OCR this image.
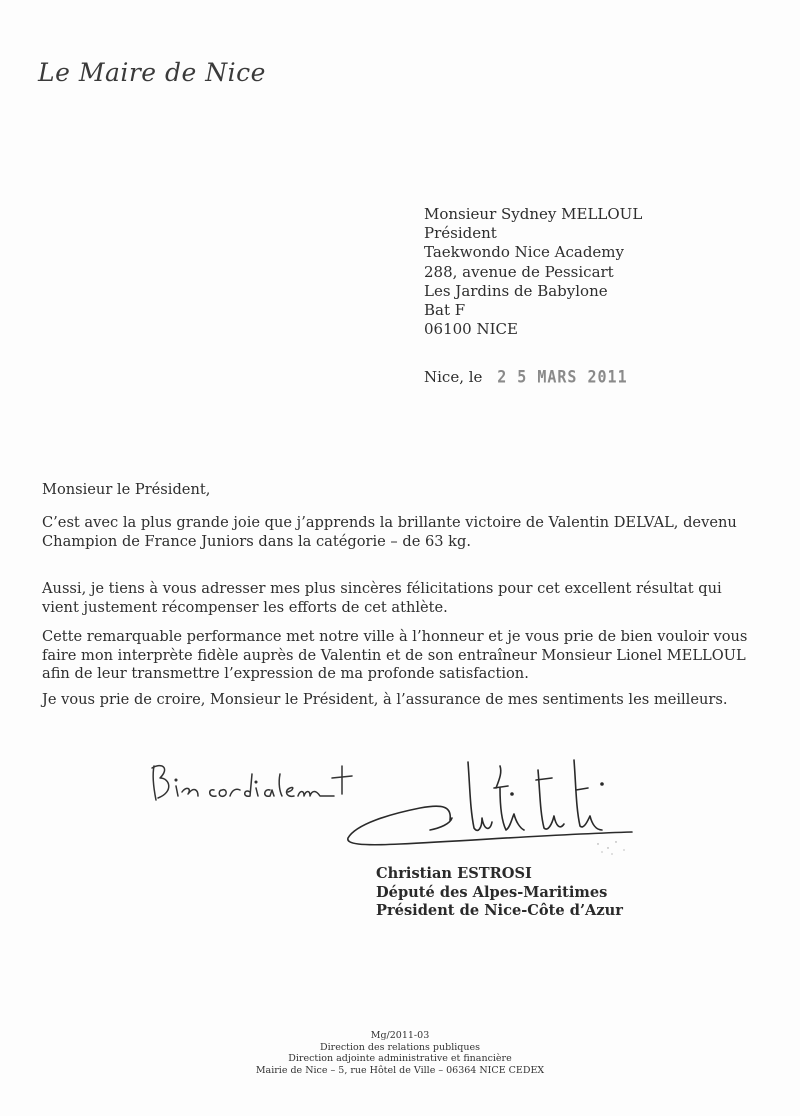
Le Maire de Nice
Monsieur Sydney MELLOUL
Président
Taekwondo Nice Academy
288, avenue de Pessicart
Les Jardins de Babylone
Bat F
06100 NICE
Nice, le 2 5 MARS 2011
Monsieur le Président,
C’est avec la plus grande joie que j’apprends la brillante victoire de Valentin DELVAL, devenu
Champion de France Juniors dans la catégorie – de 63 kg.
Aussi, je tiens à vous adresser mes plus sincères félicitations pour cet excellent résultat qui
vient justement récompenser les efforts de cet athlète.
Cette remarquable performance met notre ville à l’honneur et je vous prie de bien vouloir vous
faire mon interprète fidèle auprès de Valentin et de son entraîneur Monsieur Lionel MELLOUL
afin de leur transmettre l’expression de ma profonde satisfaction.
Je vous prie de croire, Monsieur le Président, à l’assurance de mes sentiments les meilleurs.
Christian ESTROSI
Député des Alpes-Maritimes
Président de Nice-Côte d’Azur
Mg/2011-03
Direction des relations publiques
Direction adjointe administrative et financière
Mairie de Nice – 5, rue Hôtel de Ville – 06364 NICE CEDEX
